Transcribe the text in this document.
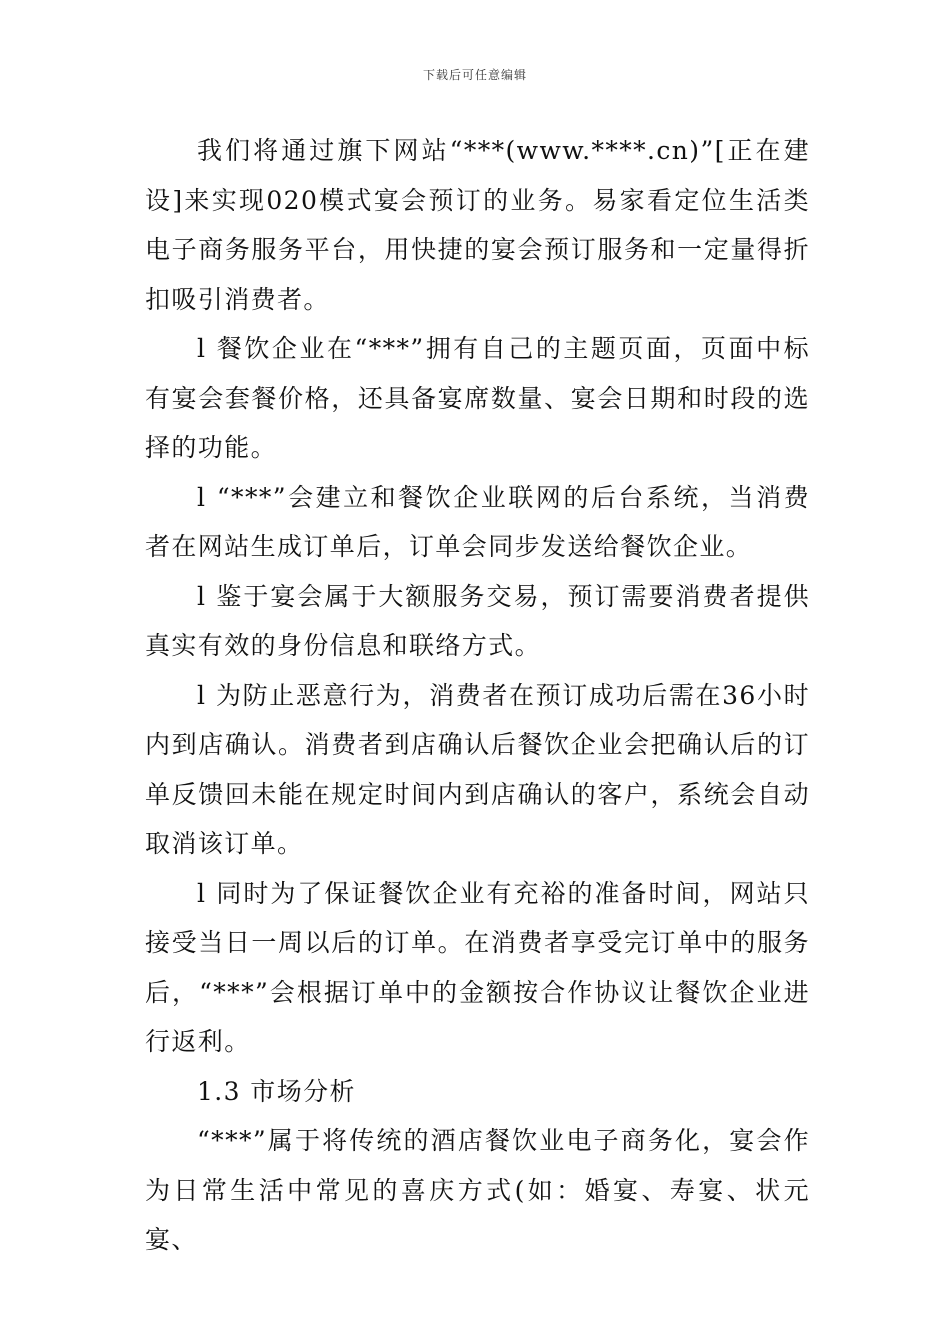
下载后可任意编辑

我们将通过旗下网站“***(www.****.cn)”[正在建设]来实现020模式宴会预订的业务。易家看定位生活类电子商务服务平台，用快捷的宴会预订服务和一定量得折扣吸引消费者。

l 餐饮企业在“***”拥有自己的主题页面，页面中标有宴会套餐价格，还具备宴席数量、宴会日期和时段的选择的功能。

l “***”会建立和餐饮企业联网的后台系统，当消费者在网站生成订单后，订单会同步发送给餐饮企业。

l 鉴于宴会属于大额服务交易，预订需要消费者提供真实有效的身份信息和联络方式。

l 为防止恶意行为，消费者在预订成功后需在36小时内到店确认。消费者到店确认后餐饮企业会把确认后的订单反馈回未能在规定时间内到店确认的客户，系统会自动取消该订单。

l 同时为了保证餐饮企业有充裕的准备时间，网站只接受当日一周以后的订单。在消费者享受完订单中的服务后，“***”会根据订单中的金额按合作协议让餐饮企业进行返利。

1.3 市场分析

“***”属于将传统的酒店餐饮业电子商务化，宴会作为日常生活中常见的喜庆方式(如：婚宴、寿宴、状元宴、
